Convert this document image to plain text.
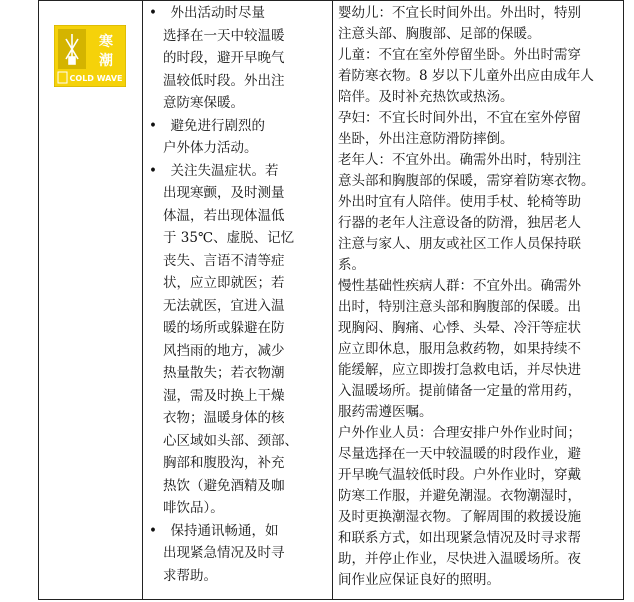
寒
潮
COLD WAVE
•　外出活动时尽量
选择在一天中较温暖
的时段，避开早晚气
温较低时段。外出注
意防寒保暖。
•　避免进行剧烈的
户外体力活动。
•　关注失温症状。若
出现寒颤，及时测量
体温，若出现体温低
于 35℃、虚脱、记忆
丧失、言语不清等症
状，应立即就医；若
无法就医，宜进入温
暖的场所或躲避在防
风挡雨的地方，减少
热量散失；若衣物潮
湿，需及时换上干燥
衣物；温暖身体的核
心区域如头部、颈部、
胸部和腹股沟，补充
热饮（避免酒精及咖
啡饮品）。
•　保持通讯畅通，如
出现紧急情况及时寻
求帮助。
婴幼儿：不宜长时间外出。外出时，特别
注意头部、胸腹部、足部的保暖。
儿童：不宜在室外停留坐卧。外出时需穿
着防寒衣物。8 岁以下儿童外出应由成年人
陪伴。及时补充热饮或热汤。
孕妇：不宜长时间外出，不宜在室外停留
坐卧，外出注意防滑防摔倒。
老年人：不宜外出。确需外出时，特别注
意头部和胸腹部的保暖，需穿着防寒衣物。
外出时宜有人陪伴。使用手杖、轮椅等助
行器的老年人注意设备的防滑，独居老人
注意与家人、朋友或社区工作人员保持联
系。
慢性基础性疾病人群：不宜外出。确需外
出时，特别注意头部和胸腹部的保暖。出
现胸闷、胸痛、心悸、头晕、冷汗等症状
应立即休息，服用急救药物，如果持续不
能缓解，应立即拨打急救电话，并尽快进
入温暖场所。提前储备一定量的常用药，
服药需遵医嘱。
户外作业人员：合理安排户外作业时间；
尽量选择在一天中较温暖的时段作业，避
开早晚气温较低时段。户外作业时，穿戴
防寒工作服，并避免潮湿。衣物潮湿时，
及时更换潮湿衣物。了解周围的救援设施
和联系方式，如出现紧急情况及时寻求帮
助，并停止作业，尽快进入温暖场所。夜
间作业应保证良好的照明。
